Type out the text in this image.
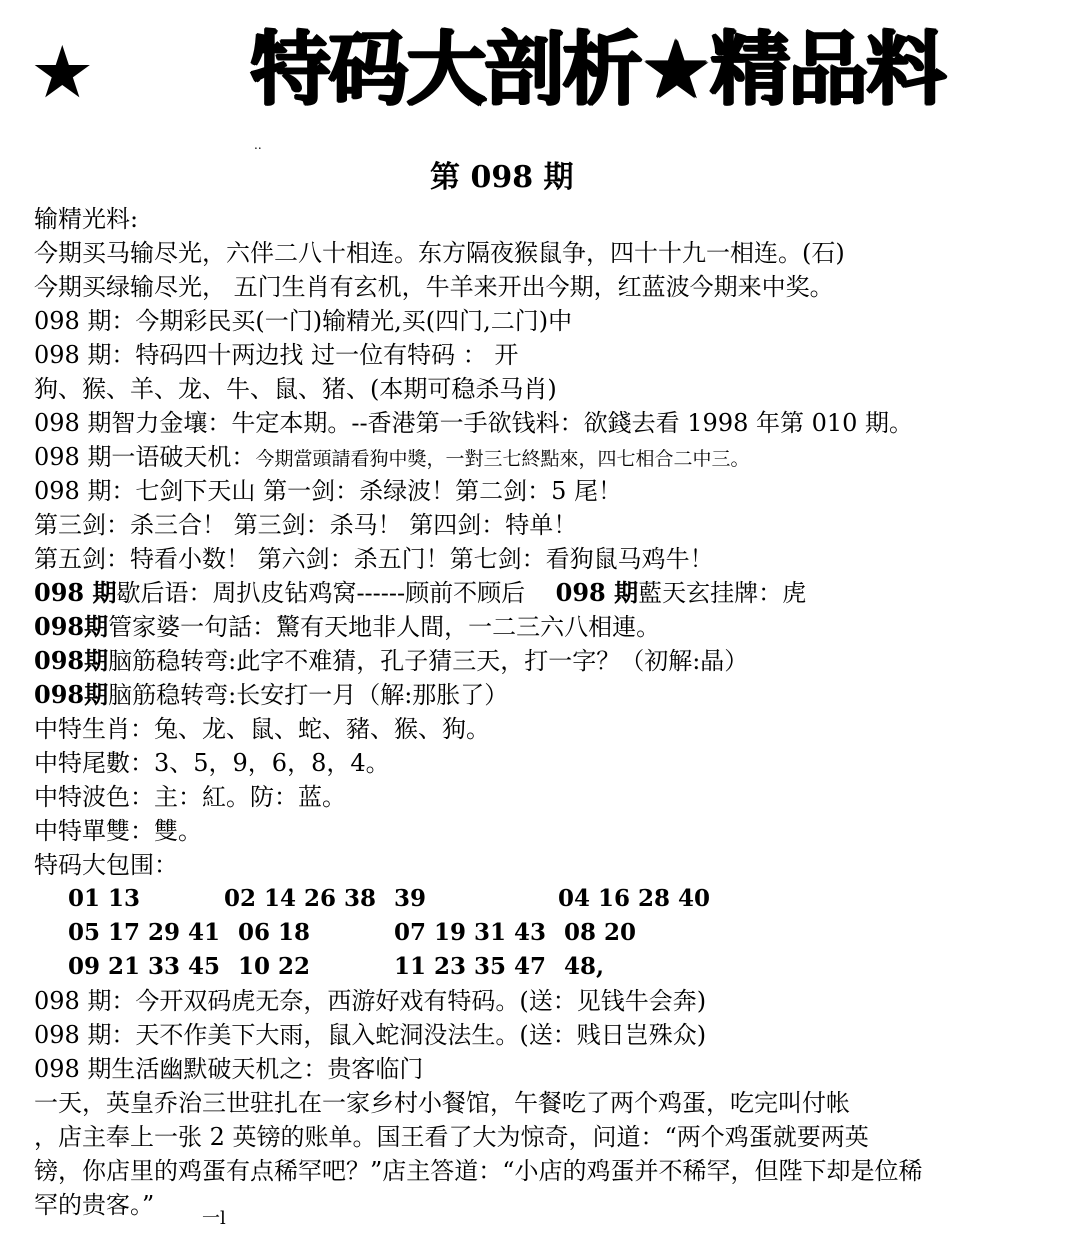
★ 特码大剖析★精品料
..
第 098 期
输精光料:
今期买马输尽光，六伴二八十相连。东方隔夜猴鼠争，四十十九一相连。(石)
今期买绿输尽光， 五门生肖有玄机，牛羊来开出今期，红蓝波今期来中奖。
098 期：今期彩民买(一门)输精光,买(四门,二门)中
098 期：特码四十两边找 过一位有特码 ： 开
狗、猴、羊、龙、牛、鼠、猪、(本期可稳杀马肖)
098 期智力金壤：牛定本期。--香港第一手欲钱料：欲錢去看 1998 年第 010 期。
098 期一语破天机：今期當頭請看狗中獎，一對三七終點來，四七相合二中三。
098 期：七剑下天山 第一剑：杀绿波！第二剑：5 尾！
第三剑：杀三合！ 第三剑：杀马！ 第四剑：特单！
第五剑：特看小数！ 第六剑：杀五门！第七剑：看狗鼠马鸡牛！
098 期歇后语：周扒皮钻鸡窝------顾前不顾后    098 期藍天玄挂牌：虎
098期管家婆一句話：驚有天地非人間，一二三六八相連。
098期脑筋稳转弯:此字不难猜，孔子猜三天，打一字？（初解:晶）
098期脑筋稳转弯:长安打一月（解:那胀了）
中特生肖：兔、龙、鼠、蛇、豬、猴、狗。
中特尾數：3、5，9，6，8，4。
中特波色：主：紅。防：蓝。
中特單雙：雙。
特码大包围：
01 13	02 14 26 38 39	04 16 28 40
05 17 29 41 06 18	07 19 31 43 08 20
09 21 33 45 10 22	11 23 35 47 48,
098 期：今开双码虎无奈，西游好戏有特码。(送：见钱牛会奔)
098 期：天不作美下大雨，鼠入蛇洞没法生。(送：贱日岂殊众)
098 期生活幽默破天机之：贵客临门
一天，英皇乔治三世驻扎在一家乡村小餐馆，午餐吃了两个鸡蛋，吃完叫付帐
，店主奉上一张 2 英镑的账单。国王看了大为惊奇，问道：“两个鸡蛋就要两英
镑，你店里的鸡蛋有点稀罕吧？”店主答道：“小店的鸡蛋并不稀罕，但陛下却是位稀
罕的贵客。”	一l
